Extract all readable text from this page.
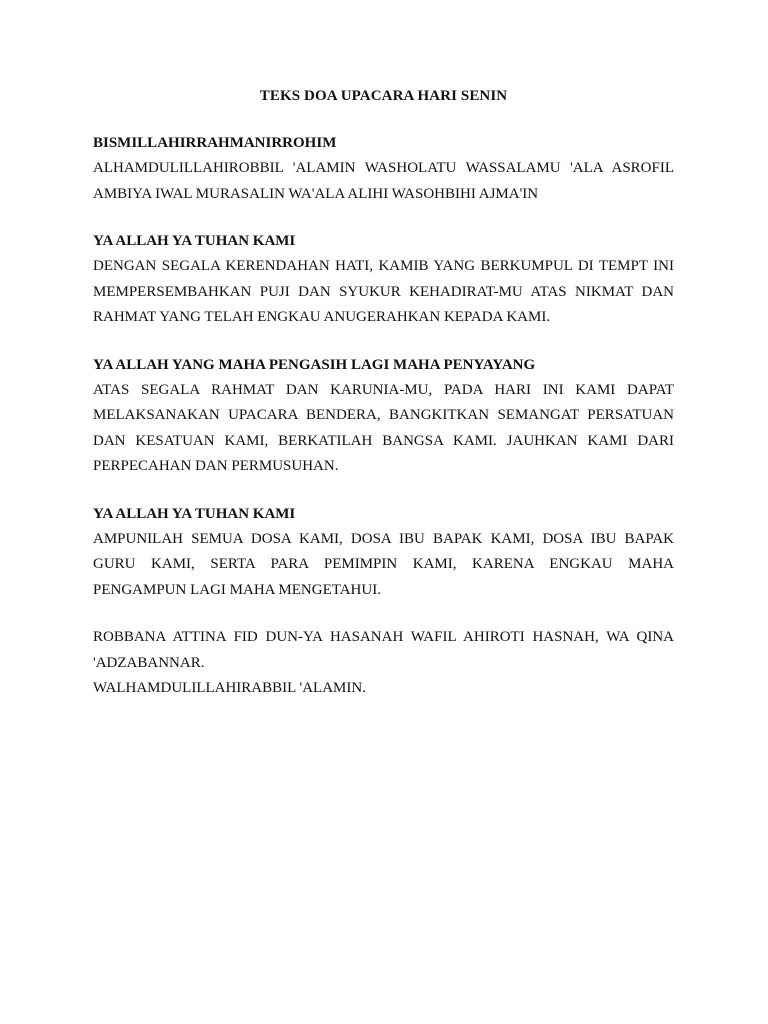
TEKS DOA UPACARA HARI SENIN
BISMILLAHIRRAHMANIRROHIM
ALHAMDULILLAHIROBBIL 'ALAMIN WASHOLATU WASSALAMU 'ALA ASROFIL AMBIYA IWAL MURASALIN WA'ALA ALIHI WASOHBIHI AJMA'IN
YA ALLAH YA TUHAN KAMI
DENGAN SEGALA KERENDAHAN HATI, KAMIB YANG BERKUMPUL DI TEMPT INI MEMPERSEMBAHKAN PUJI DAN SYUKUR KEHADIRAT-MU ATAS NIKMAT DAN RAHMAT YANG TELAH ENGKAU ANUGERAHKAN KEPADA KAMI.
YA ALLAH YANG MAHA PENGASIH LAGI MAHA PENYAYANG
ATAS SEGALA RAHMAT DAN KARUNIA-MU, PADA HARI INI KAMI DAPAT MELAKSANAKAN UPACARA BENDERA, BANGKITKAN SEMANGAT PERSATUAN DAN KESATUAN KAMI, BERKATILAH BANGSA KAMI. JAUHKAN KAMI DARI PERPECAHAN DAN PERMUSUHAN.
YA ALLAH YA TUHAN KAMI
AMPUNILAH SEMUA DOSA KAMI, DOSA IBU BAPAK KAMI, DOSA IBU BAPAK GURU KAMI, SERTA PARA PEMIMPIN KAMI, KARENA ENGKAU MAHA PENGAMPUN LAGI MAHA MENGETAHUI.
ROBBANA ATTINA FID DUN-YA HASANAH WAFIL AHIROTI HASNAH, WA QINA 'ADZABANNAR.
WALHAMDULILLAHIRABBIL 'ALAMIN.
